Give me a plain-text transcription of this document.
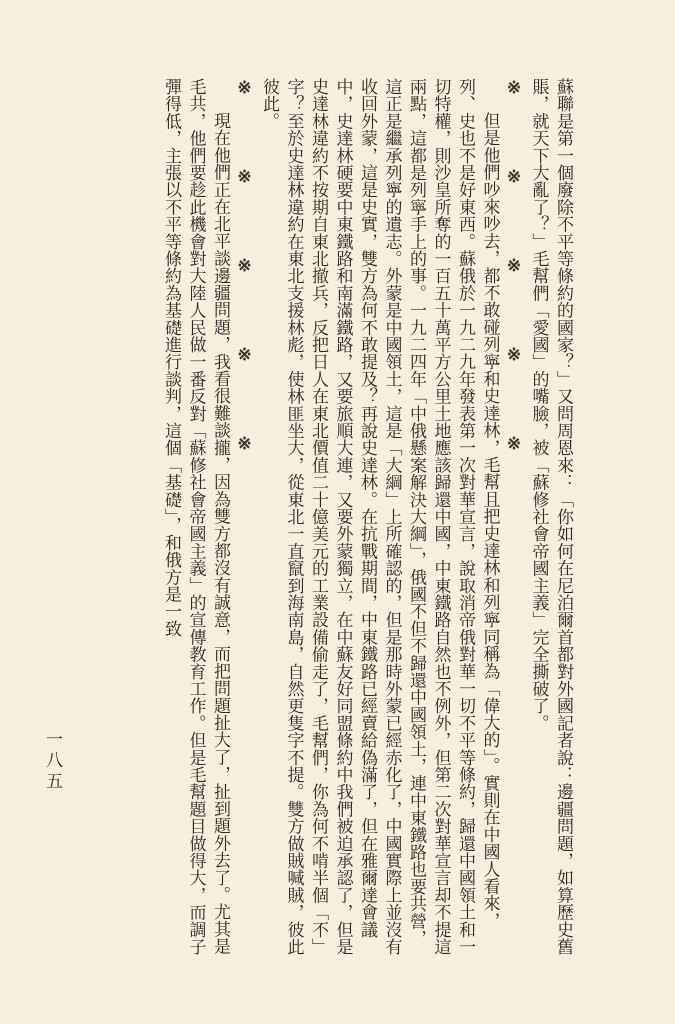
蘇聯是第一個廢除不平等條約的國家？」又問周恩來：「你如何在尼泊爾首都對外國記者說：邊疆問題，如算歷史舊賬，就天下大亂了？」毛幫們「愛國」的嘴臉，被「蘇修社會帝國主義」完全撕破了。

※　　　　※　　　　※　　　　※　　　　※

但是他們吵來吵去，都不敢碰列寧和史達林，毛幫且把史達林和列寧同稱為「偉大的」。實則在中國人看來，列、史也不是好東西。蘇俄於一九二九年發表第一次對華宣言，說取消帝俄對華一切不平等條約，歸還中國領土和一切特權，則沙皇所奪的一百五十萬平方公里土地應該歸還中國，中東鐵路自然也不例外，但第二次對華宣言却不提這兩點，這都是列寧手上的事。一九二四年「中俄懸案解決大綱」，俄國不但不歸還中國領土，連中東鐵路也要共營，這正是繼承列寧的遺志。外蒙是中國領土，這是「大綱」上所確認的，但是那時外蒙已經赤化了，中國實際上並沒有收回外蒙，這是史實，雙方為何不敢提及？再說史達林。在抗戰期間，中東鐵路已經賣給偽滿了，但在雅爾達會議中，史達林硬要中東鐵路和南滿鐵路，又要旅順大連，又要外蒙獨立，在中蘇友好同盟條約中我們被迫承認了，但是史達林違約不按期自東北撤兵，反把日人在東北價值二十億美元的工業設備偷走了，毛幫們，你為何不啃半個「不」字？至於史達林違約在東北支援林彪，使林匪坐大，從東北一直竄到海南島，自然更隻字不提。雙方做賊喊賊，彼此彼此。

※　　　　※　　　　※　　　　※　　　　※

現在他們正在北平談邊疆問題，我看很難談攏，因為雙方都沒有誠意，而把問題扯大了，扯到題外去了。尤其是毛共，他們要趁此機會對大陸人民做一番反對「蘇修社會帝國主義」的宣傳教育工作。但是毛幫題目做得大，而調子彈得低，主張以不平等條約為基礎進行談判，這個「基礎」，和俄方是一致

一八五
